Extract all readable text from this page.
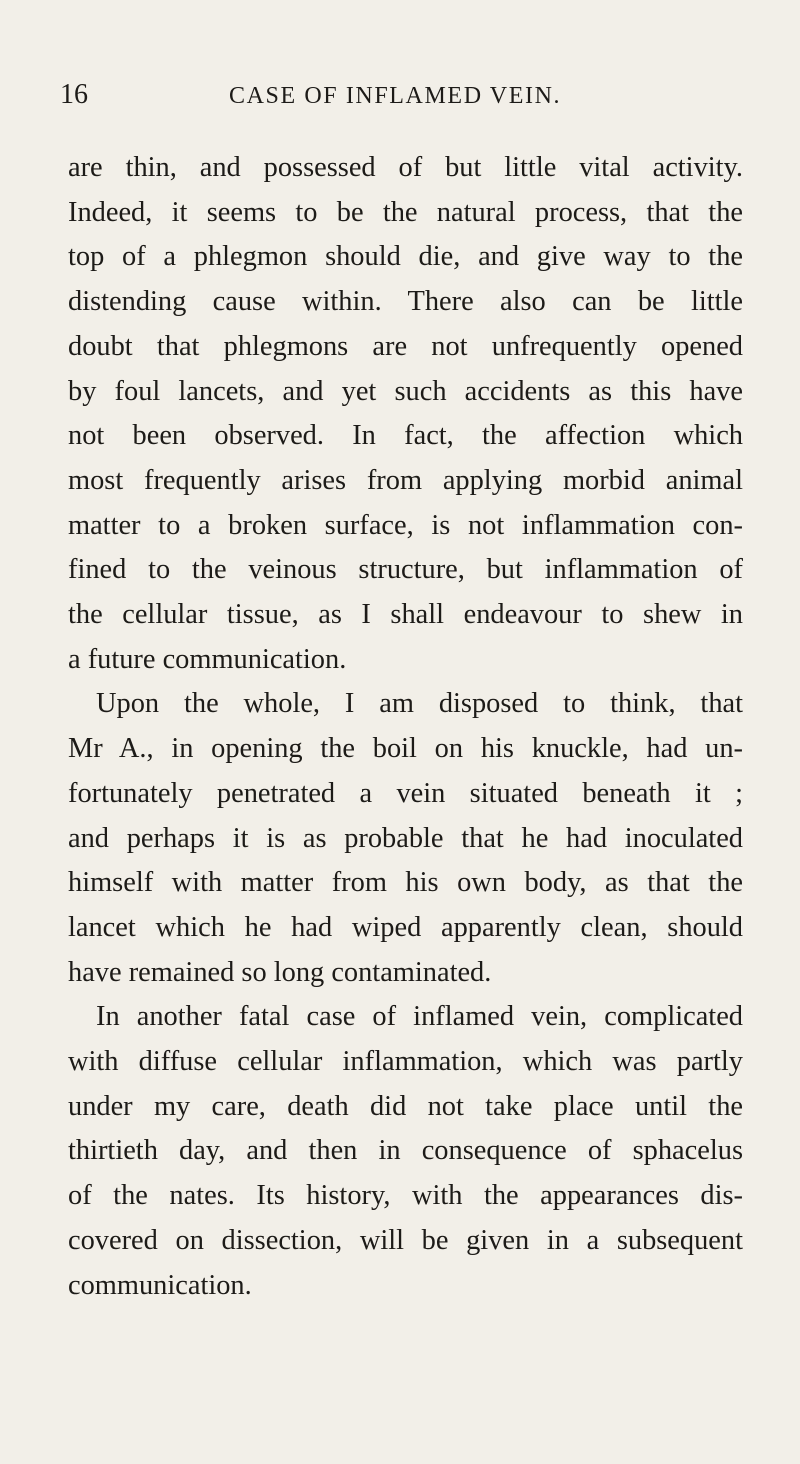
16	CASE OF INFLAMED VEIN.
are thin, and possessed of but little vital activity.
Indeed, it seems to be the natural process, that the
top of a phlegmon should die, and give way to the
distending cause within. There also can be little
doubt that phlegmons are not unfrequently opened
by foul lancets, and yet such accidents as this have
not been observed. In fact, the affection which
most frequently arises from applying morbid animal
matter to a broken surface, is not inflammation con-
fined to the veinous structure, but inflammation of
the cellular tissue, as I shall endeavour to shew in
a future communication.
Upon the whole, I am disposed to think, that
Mr A., in opening the boil on his knuckle, had un-
fortunately penetrated a vein situated beneath it ;
and perhaps it is as probable that he had inoculated
himself with matter from his own body, as that the
lancet which he had wiped apparently clean, should
have remained so long contaminated.
In another fatal case of inflamed vein, complicated
with diffuse cellular inflammation, which was partly
under my care, death did not take place until the
thirtieth day, and then in consequence of sphacelus
of the nates. Its history, with the appearances dis-
covered on dissection, will be given in a subsequent
communication.
